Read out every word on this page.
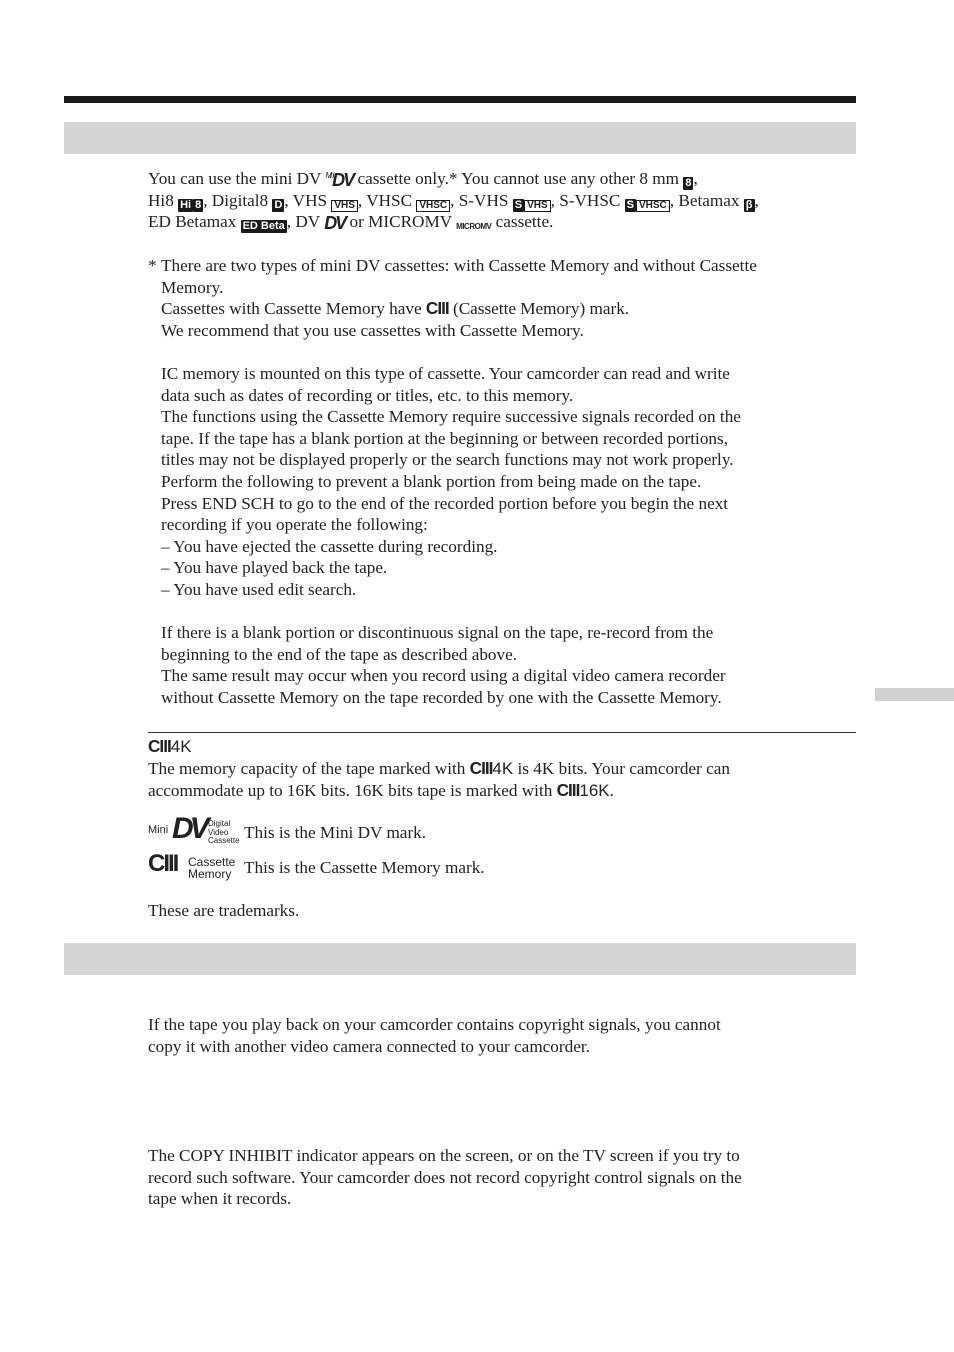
You can use the mini DV $^{Mini}$DV cassette only.* You cannot use any other 8 mm 8 ,
Hi8 Hi 8 , Digital8 D , VHS VHS , VHSC VHSC , S-VHS S VHS , S-VHSC S VHSC , Betamax β ,
ED Betamax ED Beta , DV DV or MICROMV MICROMV cassette.
* There are two types of mini DV cassettes: with Cassette Memory and without Cassette
Memory.
Cassettes with Cassette Memory have CIII (Cassette Memory) mark.
We recommend that you use cassettes with Cassette Memory.
IC memory is mounted on this type of cassette. Your camcorder can read and write
data such as dates of recording or titles, etc. to this memory.
The functions using the Cassette Memory require successive signals recorded on the
tape. If the tape has a blank portion at the beginning or between recorded portions,
titles may not be displayed properly or the search functions may not work properly.
Perform the following to prevent a blank portion from being made on the tape.
Press END SCH to go to the end of the recorded portion before you begin the next
recording if you operate the following:
– You have ejected the cassette during recording.
– You have played back the tape.
– You have used edit search.
If there is a blank portion or discontinuous signal on the tape, re-record from the
beginning to the end of the tape as described above.
The same result may occur when you record using a digital video camera recorder
without Cassette Memory on the tape recorded by one with the Cassette Memory.
CIII4K
The memory capacity of the tape marked with CIII4K is 4K bits. Your camcorder can
accommodate up to 16K bits. 16K bits tape is marked with CIII16K.
Mini DV Digital
Video
Cassette This is the Mini DV mark.
CIII Cassette
Memory This is the Cassette Memory mark.
These are trademarks.
If the tape you play back on your camcorder contains copyright signals, you cannot
copy it with another video camera connected to your camcorder.
The COPY INHIBIT indicator appears on the screen, or on the TV screen if you try to
record such software. Your camcorder does not record copyright control signals on the
tape when it records.
